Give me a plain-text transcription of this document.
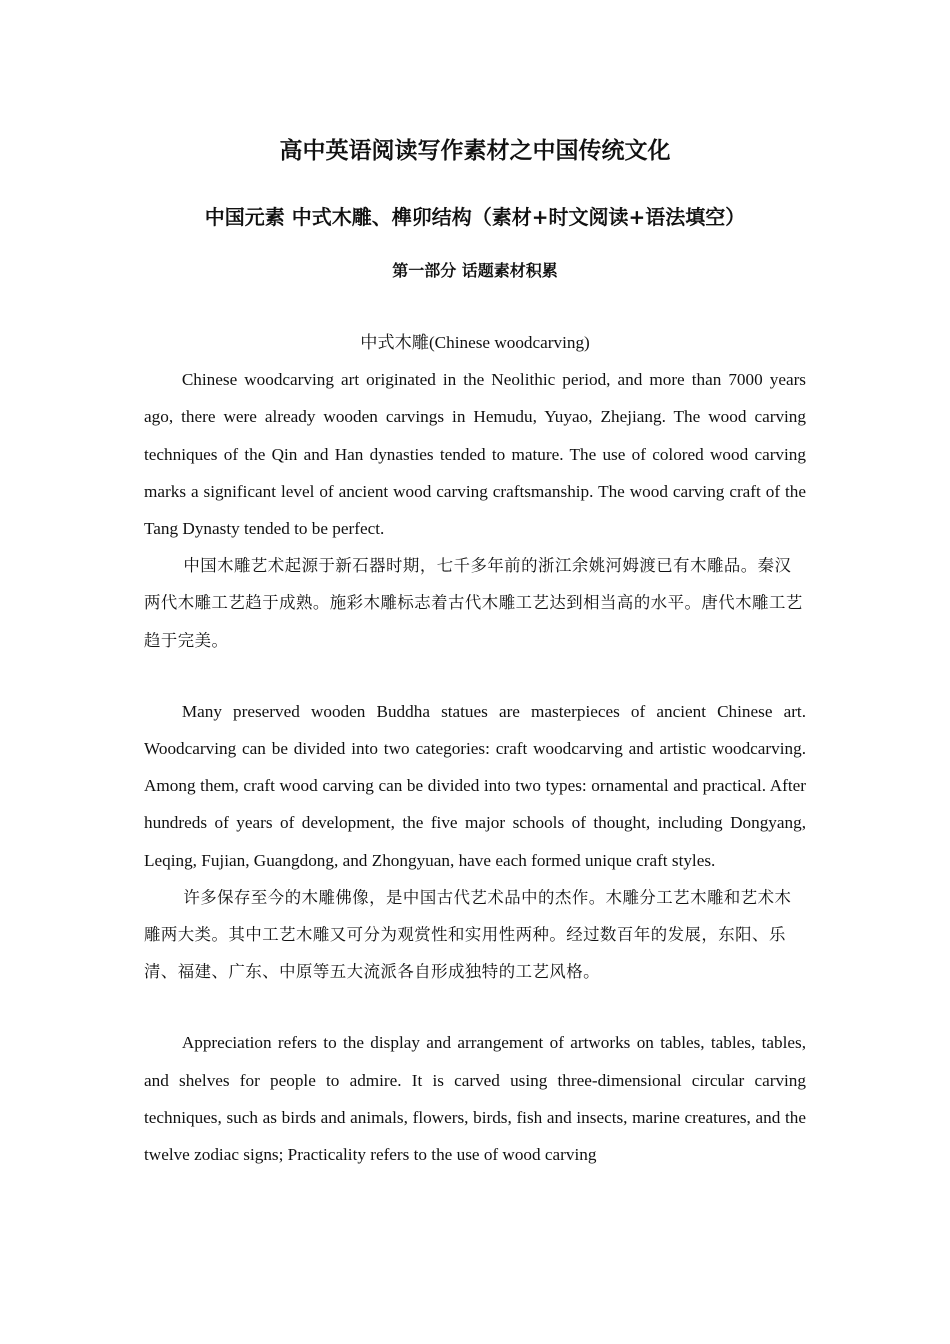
高中英语阅读写作素材之中国传统文化
中国元素 中式木雕、榫卯结构（素材+时文阅读+语法填空）
第一部分 话题素材积累
中式木雕(Chinese woodcarving)

Chinese woodcarving art originated in the Neolithic period, and more than 7000 years ago, there were already wooden carvings in Hemudu, Yuyao, Zhejiang. The wood carving techniques of the Qin and Han dynasties tended to mature. The use of colored wood carving marks a significant level of ancient wood carving craftsmanship. The wood carving craft of the Tang Dynasty tended to be perfect.

中国木雕艺术起源于新石器时期，七千多年前的浙江余姚河姆渡已有木雕品。秦汉两代木雕工艺趋于成熟。施彩木雕标志着古代木雕工艺达到相当高的水平。唐代木雕工艺趋于完美。

Many preserved wooden Buddha statues are masterpieces of ancient Chinese art. Woodcarving can be divided into two categories: craft woodcarving and artistic woodcarving. Among them, craft wood carving can be divided into two types: ornamental and practical. After hundreds of years of development, the five major schools of thought, including Dongyang, Leqing, Fujian, Guangdong, and Zhongyuan, have each formed unique craft styles.

许多保存至今的木雕佛像，是中国古代艺术品中的杰作。木雕分工艺木雕和艺术木雕两大类。其中工艺木雕又可分为观赏性和实用性两种。经过数百年的发展，东阳、乐清、福建、广东、中原等五大流派各自形成独特的工艺风格。

Appreciation refers to the display and arrangement of artworks on tables, tables, tables, and shelves for people to admire. It is carved using three-dimensional circular carving techniques, such as birds and animals, flowers, birds, fish and insects, marine creatures, and the twelve zodiac signs; Practicality refers to the use of wood carving
